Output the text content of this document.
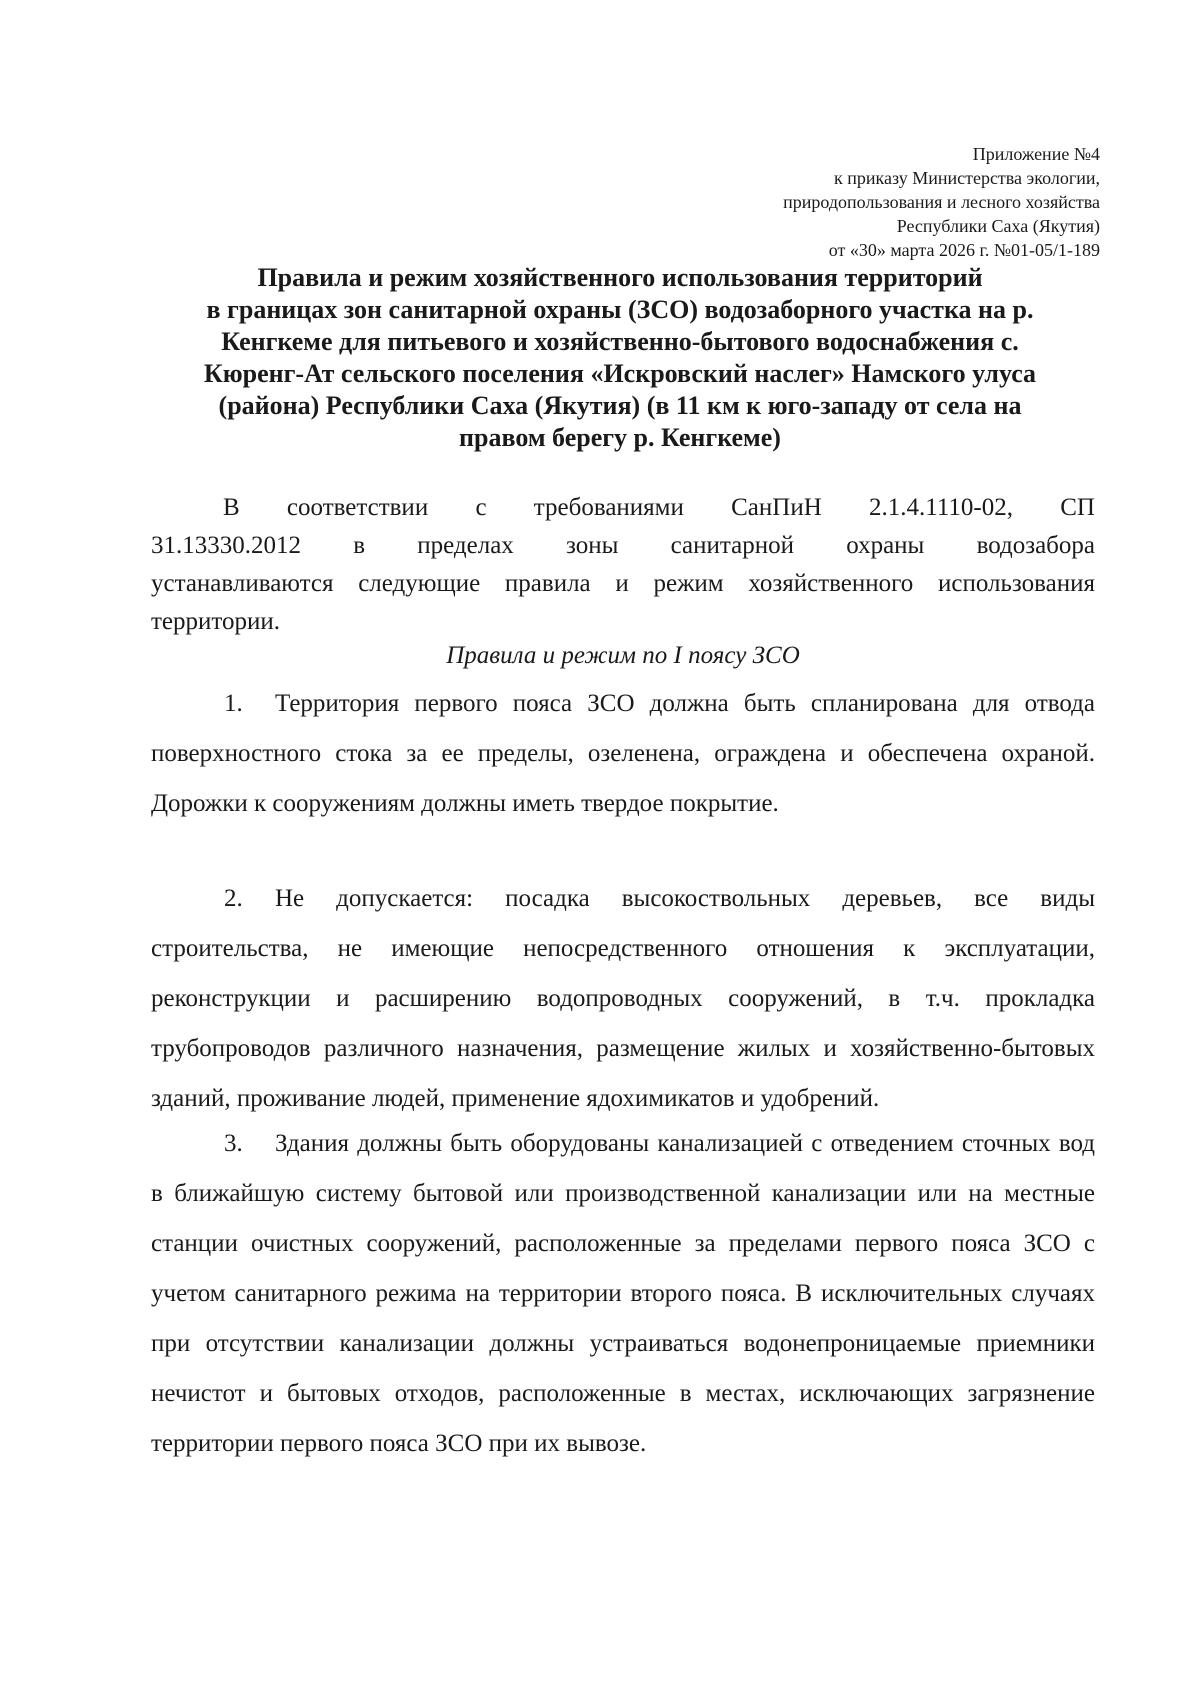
Приложение №4
к приказу Министерства экологии,
природопользования и лесного хозяйства
Республики Саха (Якутия)
от «30» марта 2026 г. №01-05/1-189
Правила и режим хозяйственного использования территорий
в границах зон санитарной охраны (ЗСО) водозаборного участка на р.
Кенгкеме для питьевого и хозяйственно-бытового водоснабжения с.
Кюренг-Ат сельского поселения «Искровский наслег» Намского улуса
(района) Республики Саха (Якутия) (в 11 км к юго-западу от села на
правом берегу р. Кенгкеме)
В соответствии с требованиями СанПиН 2.1.4.1110-02, СП
31.13330.2012 в пределах зоны санитарной охраны водозабора
устанавливаются следующие правила и режим хозяйственного использования
территории.
Правила и режим по I поясу ЗСО

1. Территория первого пояса ЗСО должна быть спланирована для отвода поверхностного стока за ее пределы, озеленена, ограждена и обеспечена охраной. Дорожки к сооружениям должны иметь твердое покрытие.

2. Не допускается: посадка высокоствольных деревьев, все виды строительства, не имеющие непосредственного отношения к эксплуатации, реконструкции и расширению водопроводных сооружений, в т.ч. прокладка трубопроводов различного назначения, размещение жилых и хозяйственно-бытовых зданий, проживание людей, применение ядохимикатов и удобрений.

3. Здания должны быть оборудованы канализацией с отведением сточных вод в ближайшую систему бытовой или производственной канализации или на местные станции очистных сооружений, расположенные за пределами первого пояса ЗСО с учетом санитарного режима на территории второго пояса. В исключительных случаях при отсутствии канализации должны устраиваться водонепроницаемые приемники нечистот и бытовых отходов, расположенные в местах, исключающих загрязнение территории первого пояса ЗСО при их вывозе.
